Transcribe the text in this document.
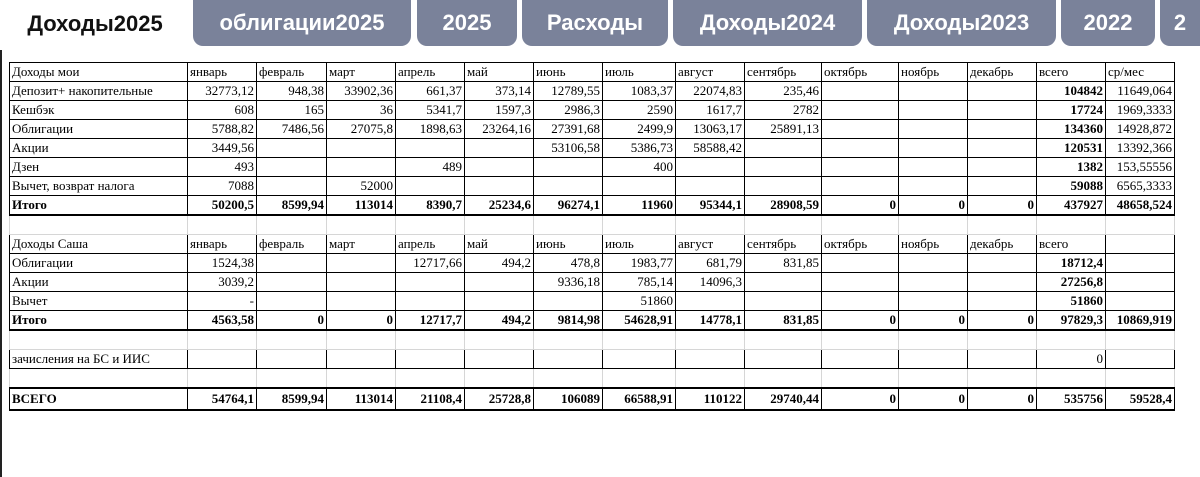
Доходы2025	облигации2025	2025	Расходы	Доходы2024	Доходы2023	2022	2
Доходы мои	январь	февраль	март	апрель	май	июнь	июль	август	сентябрь	октябрь	ноябрь	декабрь	всего	ср/мес
Депозит+ накопительные	32773,12	948,38	33902,36	661,37	373,14	12789,55	1083,37	22074,83	235,46				104842	11649,064
Кешбэк	608	165	36	5341,7	1597,3	2986,3	2590	1617,7	2782				17724	1969,3333
Облигации	5788,82	7486,56	27075,8	1898,63	23264,16	27391,68	2499,9	13063,17	25891,13				134360	14928,872
Акции	3449,56					53106,58	5386,73	58588,42					120531	13392,366
Дзен	493			489			400						1382	153,55556
Вычет, возврат налога	7088		52000										59088	6565,3333
Итого	50200,5	8599,94	113014	8390,7	25234,6	96274,1	11960	95344,1	28908,59	0	0	0	437927	48658,524

Доходы Саша	январь	февраль	март	апрель	май	июнь	июль	август	сентябрь	октябрь	ноябрь	декабрь	всего	
Облигации	1524,38			12717,66	494,2	478,8	1983,77	681,79	831,85				18712,4	
Акции	3039,2					9336,18	785,14	14096,3					27256,8	
Вычет	-						51860						51860	
Итого	4563,58	0	0	12717,7	494,2	9814,98	54628,91	14778,1	831,85	0	0	0	97829,3	10869,919

зачисления на БС и ИИС													0	

ВСЕГО	54764,1	8599,94	113014	21108,4	25728,8	106089	66588,91	110122	29740,44	0	0	0	535756	59528,4
